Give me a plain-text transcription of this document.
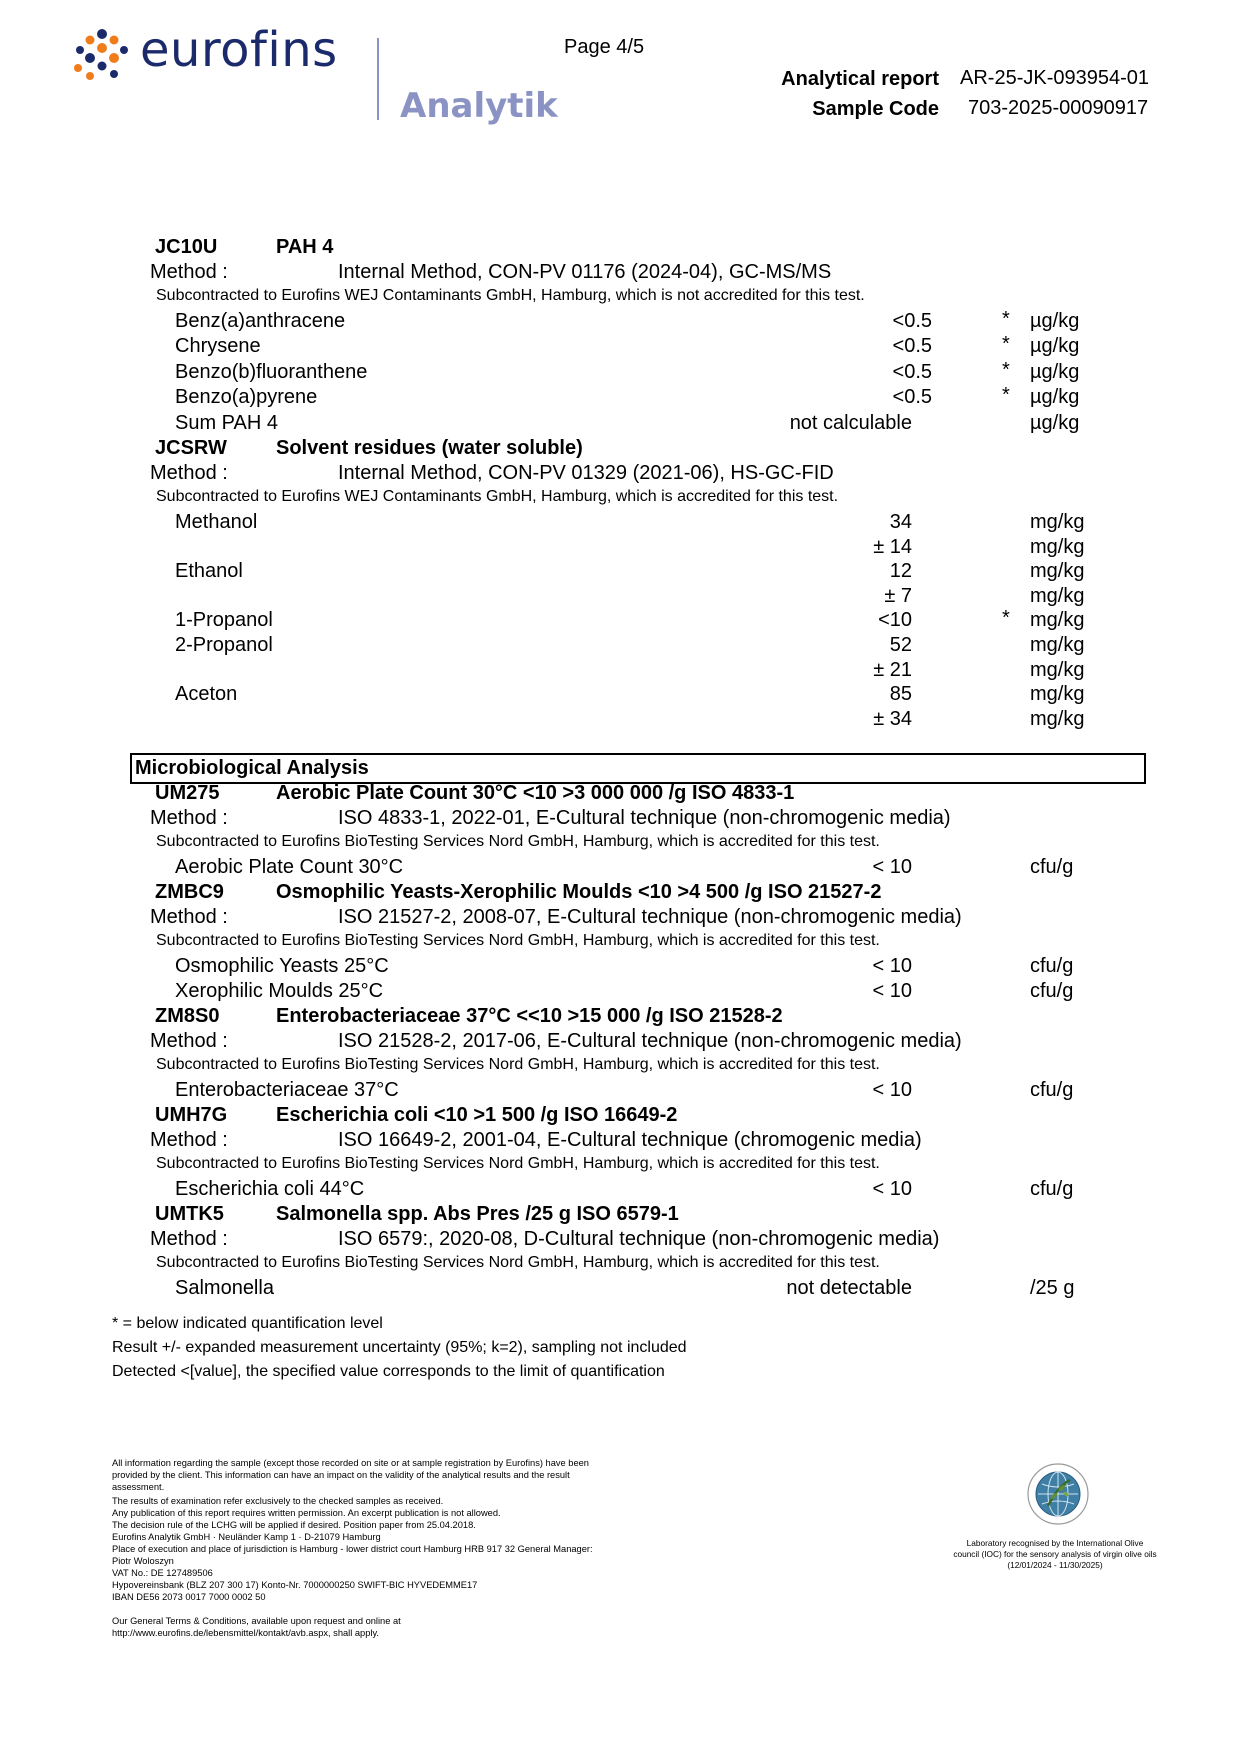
eurofins
Analytik
Page 4/5
Analytical report AR-25-JK-093954-01
Sample Code 703-2025-00090917
JC10U	PAH 4
Method :	Internal Method, CON-PV 01176 (2024-04), GC-MS/MS
Subcontracted to Eurofins WEJ Contaminants GmbH, Hamburg, which is not accredited for this test.
Benz(a)anthracene	<0.5	* µg/kg
Chrysene	<0.5	* µg/kg
Benzo(b)fluoranthene	<0.5	* µg/kg
Benzo(a)pyrene	<0.5	* µg/kg
Sum PAH 4	not calculable	µg/kg
JCSRW Solvent residues (water soluble)
Method :	Internal Method, CON-PV 01329 (2021-06), HS-GC-FID
Subcontracted to Eurofins WEJ Contaminants GmbH, Hamburg, which is accredited for this test.
Methanol	34	mg/kg
± 14	mg/kg
Ethanol	12	mg/kg
± 7	mg/kg
1-Propanol	<10	* mg/kg
2-Propanol	52	mg/kg
± 21	mg/kg
Aceton	85	mg/kg
± 34	mg/kg
Microbiological Analysis
UM275	Aerobic Plate Count 30°C <10 >3 000 000 /g ISO 4833-1
Method :	ISO 4833-1, 2022-01, E-Cultural technique (non-chromogenic media)
Subcontracted to Eurofins BioTesting Services Nord GmbH, Hamburg, which is accredited for this test.
Aerobic Plate Count 30°C	< 10	cfu/g
ZMBC9	Osmophilic Yeasts-Xerophilic Moulds <10 >4 500 /g ISO 21527-2
Method :	ISO 21527-2, 2008-07, E-Cultural technique (non-chromogenic media)
Subcontracted to Eurofins BioTesting Services Nord GmbH, Hamburg, which is accredited for this test.
Osmophilic Yeasts 25°C	< 10	cfu/g
Xerophilic Moulds 25°C	< 10	cfu/g
ZM8S0	Enterobacteriaceae 37°C <<10 >15 000 /g ISO 21528-2
Method :	ISO 21528-2, 2017-06, E-Cultural technique (non-chromogenic media)
Subcontracted to Eurofins BioTesting Services Nord GmbH, Hamburg, which is accredited for this test.
Enterobacteriaceae 37°C	< 10	cfu/g
UMH7G Escherichia coli <10 >1 500 /g ISO 16649-2
Method :	ISO 16649-2, 2001-04, E-Cultural technique (chromogenic media)
Subcontracted to Eurofins BioTesting Services Nord GmbH, Hamburg, which is accredited for this test.
Escherichia coli 44°C	< 10	cfu/g
UMTK5	Salmonella spp. Abs Pres /25 g ISO 6579-1
Method :	ISO 6579:, 2020-08, D-Cultural technique (non-chromogenic media)
Subcontracted to Eurofins BioTesting Services Nord GmbH, Hamburg, which is accredited for this test.
Salmonella	not detectable	/25 g
* = below indicated quantification level
Result +/- expanded measurement uncertainty (95%; k=2), sampling not included
Detected <[value], the specified value corresponds to the limit of quantification
All information regarding the sample (except those recorded on site or at sample registration by Eurofins) have been
provided by the client. This information can have an impact on the validity of the analytical results and the result
assessment.
The results of examination refer exclusively to the checked samples as received.
Any publication of this report requires written permission. An excerpt publication is not allowed.
The decision rule of the LCHG will be applied if desired. Position paper from 25.04.2018.
Eurofins Analytik GmbH · Neuländer Kamp 1 · D-21079 Hamburg
Place of execution and place of jurisdiction is Hamburg - lower district court Hamburg HRB 917 32 General Manager:
Piotr Woloszyn
VAT No.: DE 127489506
Hypovereinsbank (BLZ 207 300 17) Konto-Nr. 7000000250 SWIFT-BIC HYVEDEMME17
IBAN DE56 2073 0017 7000 0002 50
Our General Terms & Conditions, available upon request and online at
http://www.eurofins.de/lebensmittel/kontakt/avb.aspx, shall apply.
Laboratory recognised by the International Olive
council (IOC) for the sensory analysis of virgin olive oils
(12/01/2024 - 11/30/2025)
